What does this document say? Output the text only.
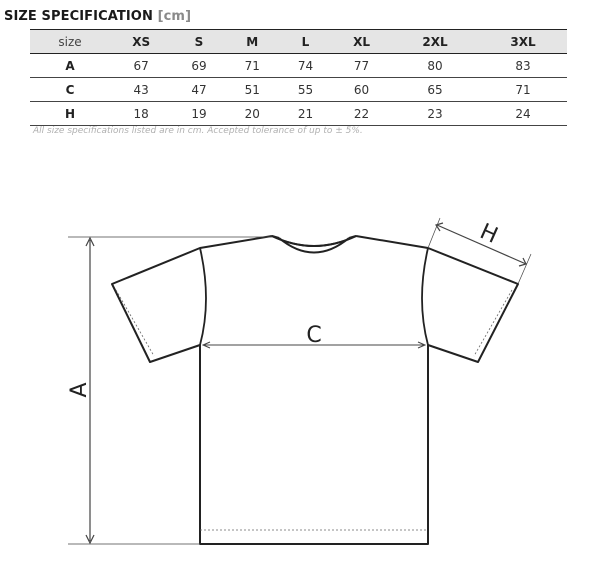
SIZE SPECIFICATION [cm]
size	XS	S	M	L	XL	2XL	3XL
A	67	69	71	74	77	80	83
C	43	47	51	55	60	65	71
H	18	19	20	21	22	23	24
All size specifications listed are in cm. Accepted tolerance of up to ± 5%.
A
C
H
